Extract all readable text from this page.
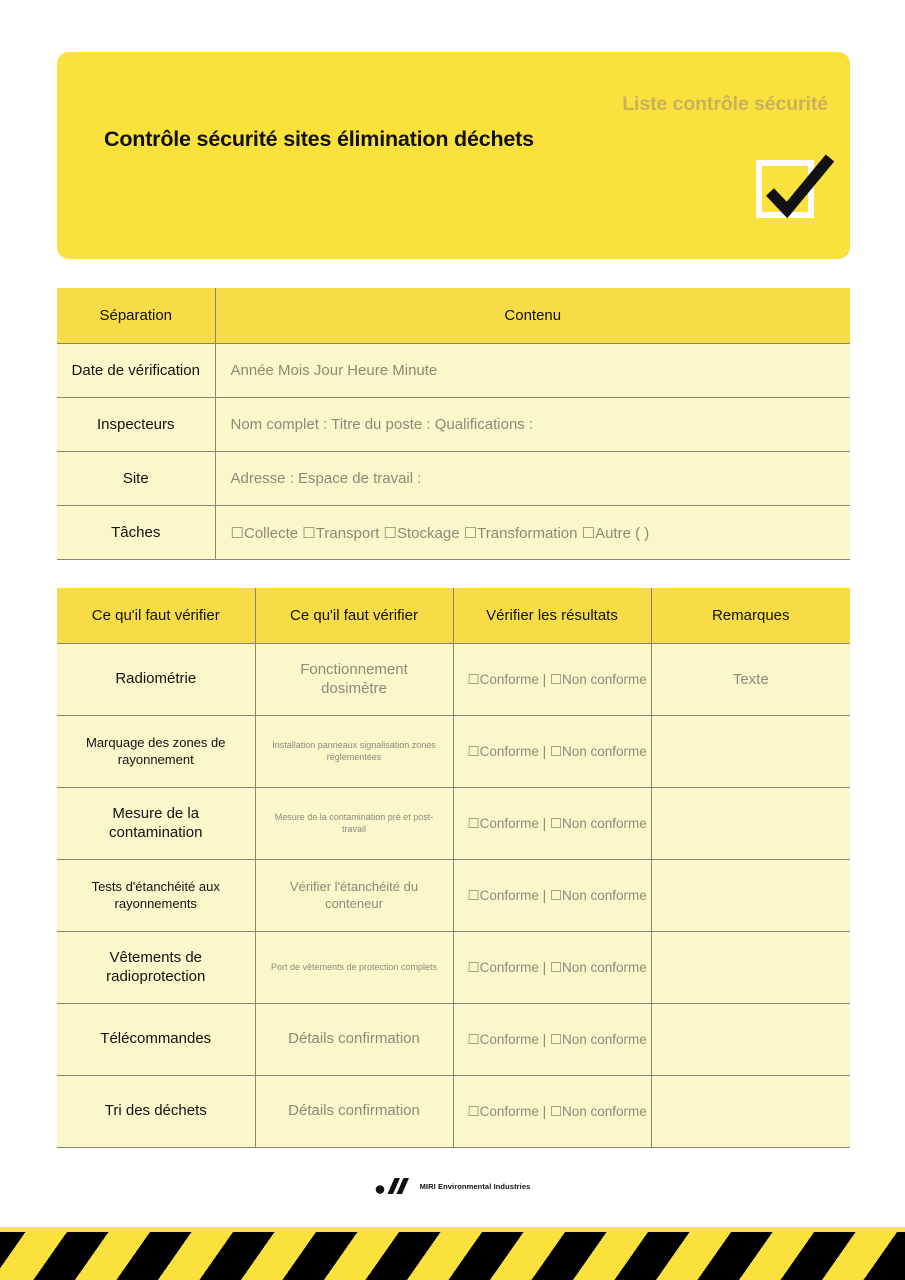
Liste contrôle sécurité
Contrôle sécurité sites élimination déchets
Séparation	Contenu
Date de vérification	Année Mois Jour Heure Minute
Inspecteurs	Nom complet : Titre du poste : Qualifications :
Site	Adresse : Espace de travail :
Tâches	☐Collecte ☐Transport ☐Stockage ☐Transformation ☐Autre ( )
Ce qu'il faut vérifier	Ce qu'il faut vérifier	Vérifier les résultats	Remarques
Radiométrie	Fonctionnement dosimètre	☐Conforme | ☐Non conforme	Texte
Marquage des zones de rayonnement	Installation panneaux signalisation zones réglementées	☐Conforme | ☐Non conforme	
Mesure de la contamination	Mesure de la contamination pré et post-travail	☐Conforme | ☐Non conforme	
Tests d'étanchéité aux rayonnements	Vérifier l'étanchéité du conteneur	☐Conforme | ☐Non conforme	
Vêtements de radioprotection	Port de vêtements de protection complets	☐Conforme | ☐Non conforme	
Télécommandes	Détails confirmation	☐Conforme | ☐Non conforme	
Tri des déchets	Détails confirmation	☐Conforme | ☐Non conforme	
MIRI Environmental Industries
